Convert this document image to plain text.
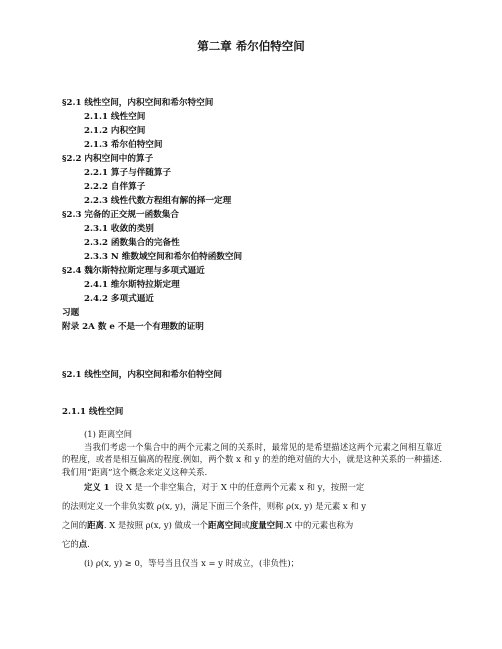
第二章 希尔伯特空间
§2.1 线性空间，内积空间和希尔特空间
2.1.1 线性空间
2.1.2 内积空间
2.1.3 希尔伯特空间
§2.2 内积空间中的算子
2.2.1 算子与伴随算子
2.2.2 自伴算子
2.2.3 线性代数方程组有解的择一定理
§2.3 完备的正交规一函数集合
2.3.1 收敛的类别
2.3.2 函数集合的完备性
2.3.3 N 维数域空间和希尔伯特函数空间
§2.4 魏尔斯特拉斯定理与多项式逼近
2.4.1 维尔斯特拉斯定理
2.4.2 多项式逼近
习题
附录 2A 数 e 不是一个有理数的证明
§2.1 线性空间，内积空间和希尔伯特空间
2.1.1 线性空间

(1) 距离空间

当我们考虑一个集合中的两个元素之间的关系时，最常见的是希望描述这两个元素之间相互靠近的程度，或者是相互偏离的程度.例如，两个数 x 和 y 的差的绝对值的大小，就是这种关系的一种描述.我们用“距离”这个概念来定义这种关系.

定义 1 设 X 是一个非空集合，对于 X 中的任意两个元素 x 和 y，按照一定

的法则定义一个非负实数 ρ(x, y)，满足下面三个条件，则称 ρ(x, y) 是元素 x 和 y

之间的距离. X 是按照 ρ(x, y) 做成一个距离空间或度量空间.X 中的元素也称为

它的点.

(i) ρ(x, y) ≥ 0，等号当且仅当 x = y 时成立，(非负性)；
